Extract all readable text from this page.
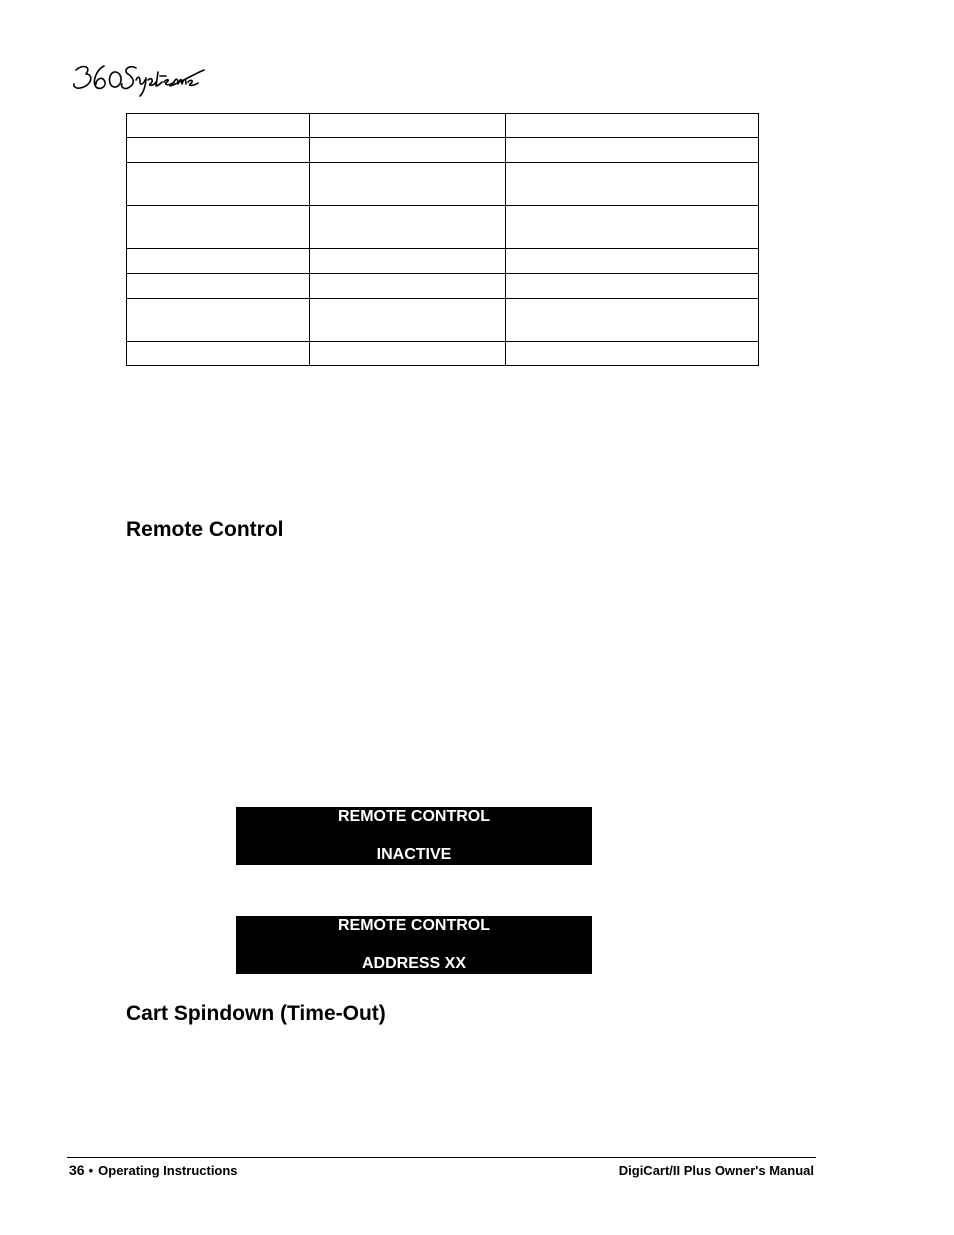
Remote Control
REMOTE CONTROL
INACTIVE
REMOTE CONTROL
ADDRESS XX
Cart Spindown (Time-Out)
36 • Operating Instructions	DigiCart/II Plus Owner's Manual
